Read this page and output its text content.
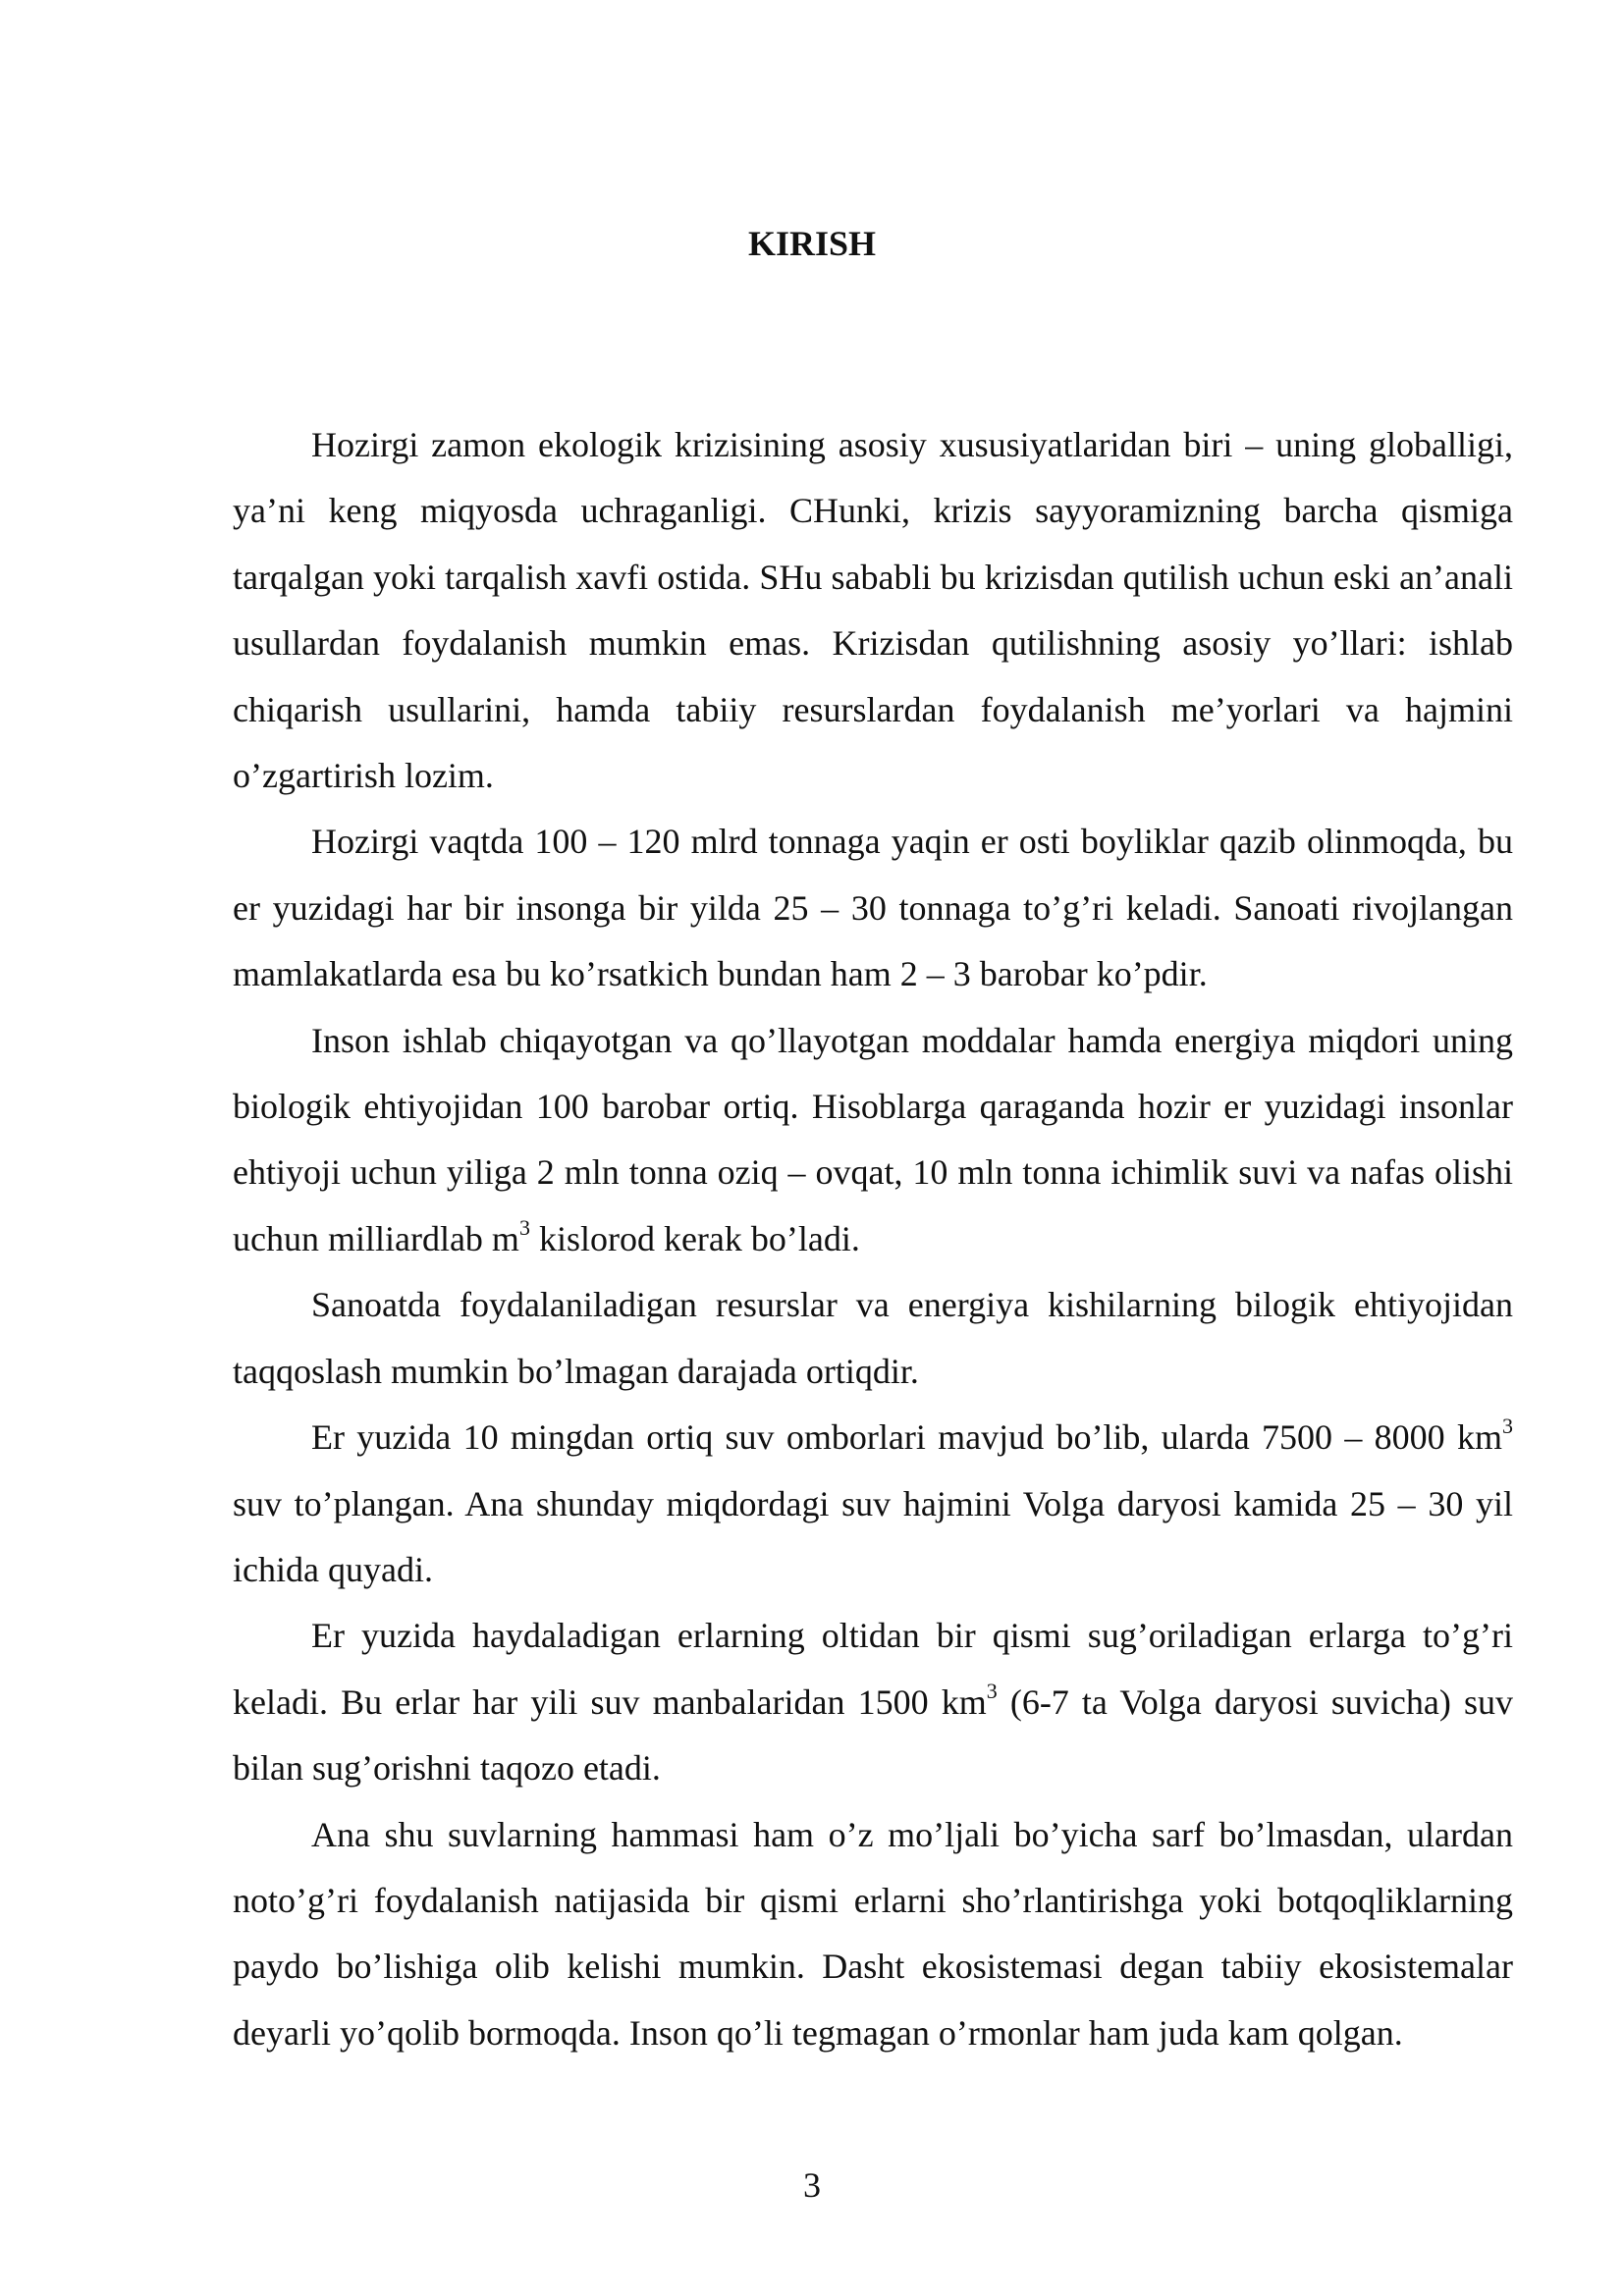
KIRISH

Hozirgi zamon ekologik krizisining asosiy xususiyatlaridan biri – uning globalligi, ya’ni keng miqyosda uchraganligi. CHunki, krizis sayyoramizning barcha qismiga tarqalgan yoki tarqalish xavfi ostida. SHu sababli bu krizisdan qutilish uchun eski an’anali usullardan foydalanish mumkin emas. Krizisdan qutilishning asosiy yo’llari: ishlab chiqarish usullarini, hamda tabiiy resurslardan foydalanish me’yorlari va hajmini o’zgartirish lozim.

Hozirgi vaqtda 100 – 120 mlrd tonnaga yaqin er osti boyliklar qazib olinmoqda, bu er yuzidagi har bir insonga bir yilda 25 – 30 tonnaga to’g’ri keladi. Sanoati rivojlangan mamlakatlarda esa bu ko’rsatkich bundan ham 2 – 3 barobar ko’pdir.

Inson ishlab chiqayotgan va qo’llayotgan moddalar hamda energiya miqdori uning biologik ehtiyojidan 100 barobar ortiq. Hisoblarga qaraganda hozir er yuzidagi insonlar ehtiyoji uchun yiliga 2 mln tonna oziq – ovqat, 10 mln tonna ichimlik suvi va nafas olishi uchun milliardlab $m^3$ kislorod kerak bo’ladi.

Sanoatda foydalaniladigan resurslar va energiya kishilarning bilogik ehtiyojidan taqqoslash mumkin bo’lmagan darajada ortiqdir.

Er yuzida 10 mingdan ortiq suv omborlari mavjud bo’lib, ularda 7500 – 8000 $km^3$ suv to’plangan. Ana shunday miqdordagi suv hajmini Volga daryosi kamida 25 – 30 yil ichida quyadi.

Er yuzida haydaladigan erlarning oltidan bir qismi sug’oriladigan erlarga to’g’ri keladi. Bu erlar har yili suv manbalaridan 1500 $km^3$ (6-7 ta Volga daryosi suvicha) suv bilan sug’orishni taqozo etadi.

Ana shu suvlarning hammasi ham o’z mo’ljali bo’yicha sarf bo’lmasdan, ulardan noto’g’ri foydalanish natijasida bir qismi erlarni sho’rlantirishga yoki botqoqliklarning paydo bo’lishiga olib kelishi mumkin. Dasht ekosistemasi degan tabiiy ekosistemalar deyarli yo’qolib bormoqda. Inson qo’li tegmagan o’rmonlar ham juda kam qolgan.

3
